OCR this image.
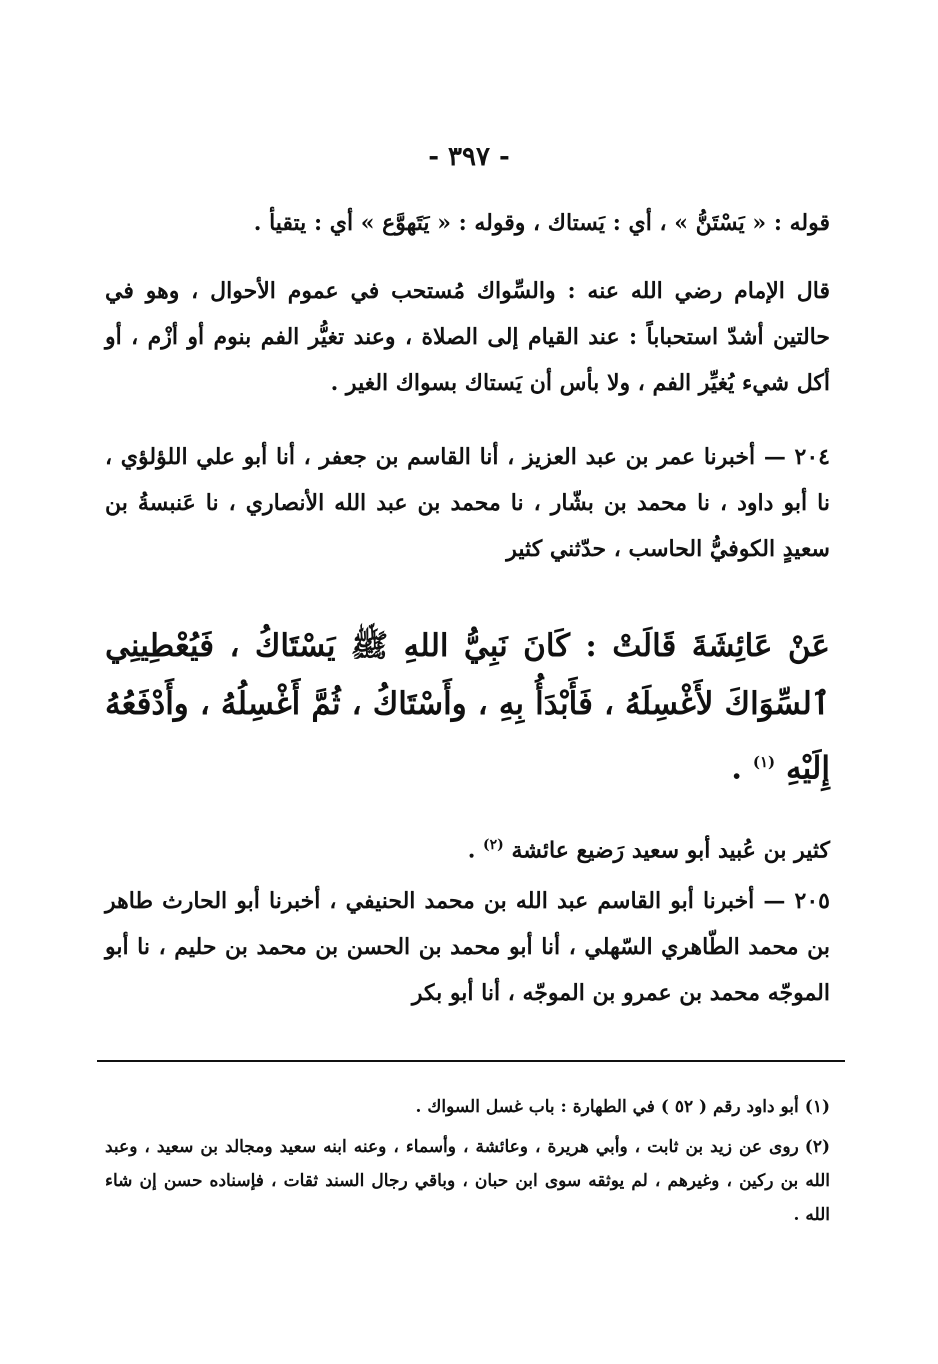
- ٣٩٧ -

قوله : « يَسْتَنُّ » ، أي : يَستاك ، وقوله : « يَتَهوَّع » أي : يتقيأ .

قال الإمام رضي الله عنه : والسِّواك مُستحب في عموم الأحوال ، وهو في حالتين أشدّ استحباباً : عند القيام إلى الصلاة ، وعند تغيُّر الفم بنوم أو أزْم ، أو أكل شيء يُغيِّر الفم ، ولا بأس أن يَستاك بسواك الغير .

٢٠٤ — أخبرنا عمر بن عبد العزيز ، أنا القاسم بن جعفر ، أنا أبو علي اللؤلؤي ، نا أبو داود ، نا محمد بن بشّار ، نا محمد بن عبد الله الأنصاري ، نا عَنبسةُ بن سعيدٍ الكوفيُّ الحاسب ، حدّثني كثير

عَنْ عَائِشَةَ قَالَتْ : كَانَ نَبِيُّ اللهِ ﷺ يَسْتَاكُ ، فَيُعْطِينِي ٱلسِّوَاكَ لأَغْسِلَهُ ، فَأَبْدَأُ بِهِ ، وأَسْتَاكُ ، ثُمَّ أَغْسِلُهُ ، وأَدْفَعُهُ إِلَيْهِ $^{(١)}$ .

كثير بن عُبيد أبو سعيد رَضيع عائشة $^{(٢)}$ .

٢٠٥ — أخبرنا أبو القاسم عبد الله بن محمد الحنيفي ، أخبرنا أبو الحارث طاهر بن محمد الطّاهري السّهلي ، أنا أبو محمد بن الحسن بن محمد بن حليم ، نا أبو الموجّه محمد بن عمرو بن الموجّه ، أنا أبو بكر

(١)أبو داود رقم ( ٥٢ ) في الطهارة : باب غسل السواك .

(٢)روى عن زيد بن ثابت ، وأبي هريرة ، وعائشة ، وأسماء ، وعنه ابنه سعيد ومجالد بن سعيد ، وعبد الله بن ركين ، وغيرهم ، لم يوثقه سوى ابن حبان ، وباقي رجال السند ثقات ، فإسناده حسن إن شاء الله .
